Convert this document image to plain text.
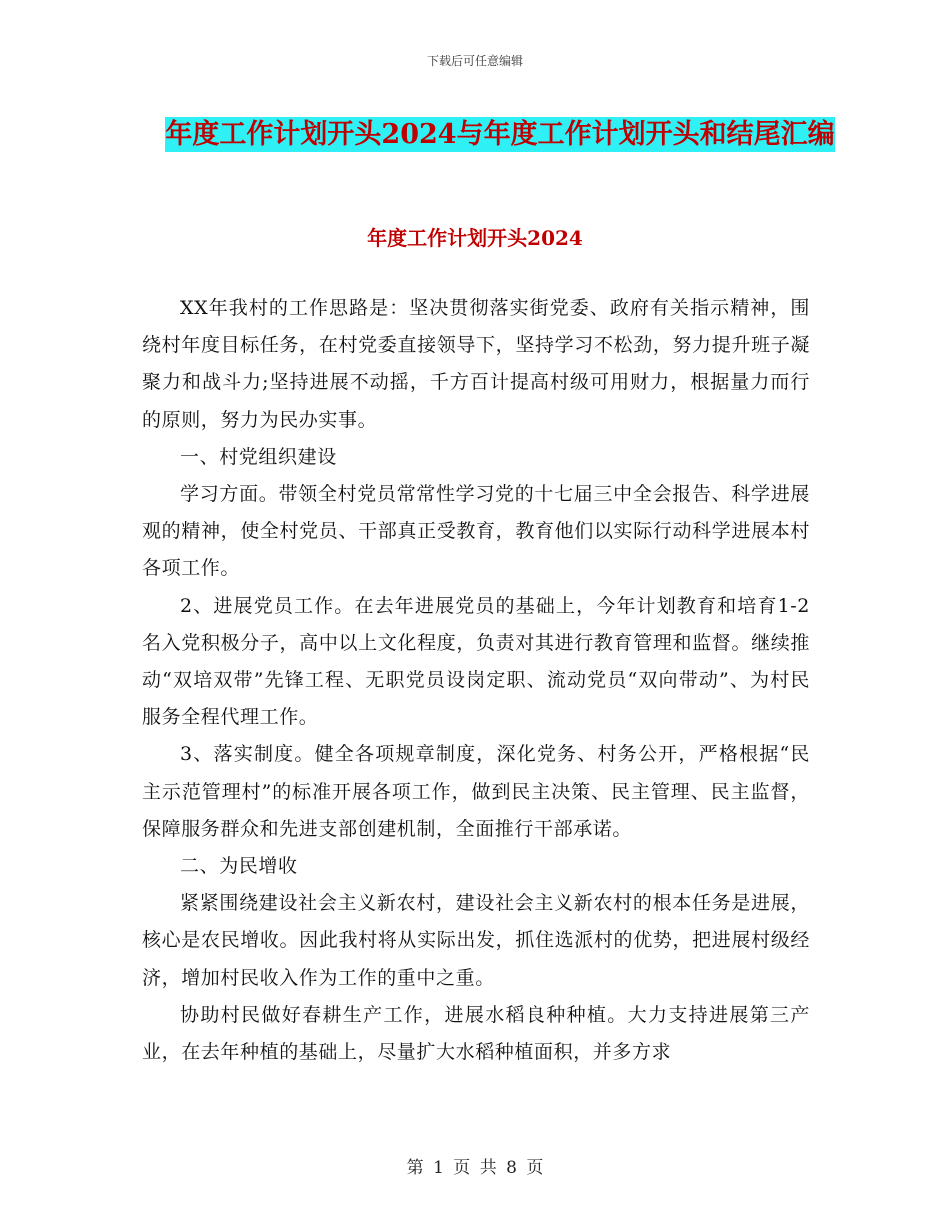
下载后可任意编辑
年度工作计划开头2024与年度工作计划开头和结尾汇编
年度工作计划开头2024

XX年我村的工作思路是：坚决贯彻落实街党委、政府有关指示精神，围绕村年度目标任务，在村党委直接领导下，坚持学习不松劲，努力提升班子凝聚力和战斗力;坚持进展不动摇，千方百计提高村级可用财力，根据量力而行的原则，努力为民办实事。

一、村党组织建设

学习方面。带领全村党员常常性学习党的十七届三中全会报告、科学进展观的精神，使全村党员、干部真正受教育，教育他们以实际行动科学进展本村各项工作。

2、进展党员工作。在去年进展党员的基础上，今年计划教育和培育1-2名入党积极分子，高中以上文化程度，负责对其进行教育管理和监督。继续推动“双培双带”先锋工程、无职党员设岗定职、流动党员“双向带动”、为村民服务全程代理工作。

3、落实制度。健全各项规章制度，深化党务、村务公开，严格根据“民主示范管理村”的标准开展各项工作，做到民主决策、民主管理、民主监督，保障服务群众和先进支部创建机制，全面推行干部承诺。

二、为民增收

紧紧围绕建设社会主义新农村，建设社会主义新农村的根本任务是进展，核心是农民增收。因此我村将从实际出发，抓住选派村的优势，把进展村级经济，增加村民收入作为工作的重中之重。

协助村民做好春耕生产工作，进展水稻良种种植。大力支持进展第三产业，在去年种植的基础上，尽量扩大水稻种植面积，并多方求

第 1 页 共 8 页
